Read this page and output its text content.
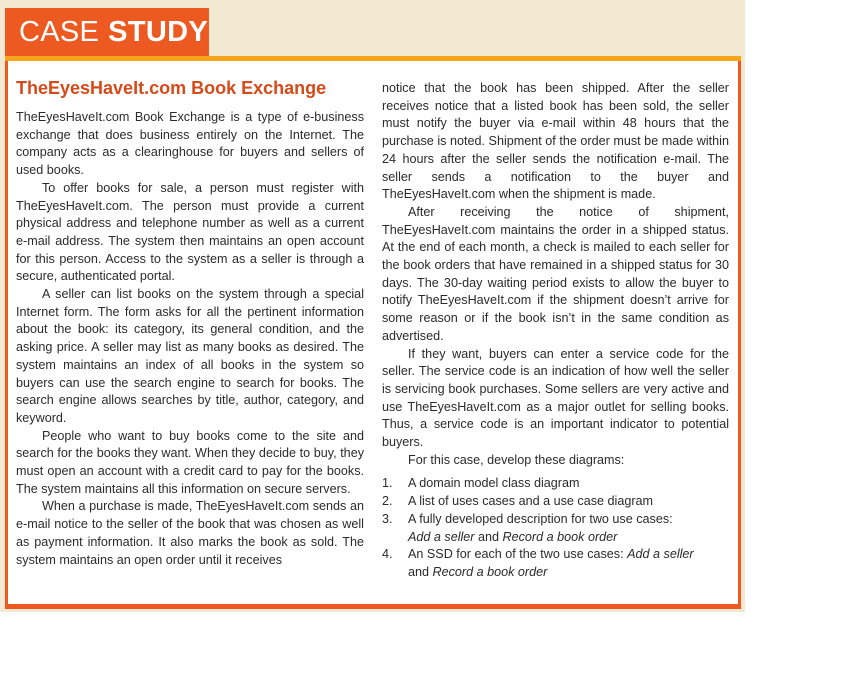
CASE STUDY
TheEyesHaveIt.com Book Exchange

TheEyesHaveIt.com Book Exchange is a type of e-business exchange that does business entirely on the Internet. The company acts as a clearinghouse for buyers and sellers of used books.

To offer books for sale, a person must register with TheEyesHaveIt.com. The person must provide a current physical address and telephone number as well as a current e-mail address. The system then maintains an open account for this person. Access to the system as a seller is through a secure, authenticated portal.

A seller can list books on the system through a special Internet form. The form asks for all the pertinent information about the book: its category, its general condition, and the asking price. A seller may list as many books as desired. The system maintains an index of all books in the system so buyers can use the search engine to search for books. The search engine allows searches by title, author, category, and keyword.

People who want to buy books come to the site and search for the books they want. When they decide to buy, they must open an account with a credit card to pay for the books. The system maintains all this information on secure servers.

When a purchase is made, TheEyesHaveIt.com sends an e-mail notice to the seller of the book that was chosen as well as payment information. It also marks the book as sold. The system maintains an open order until it receives

notice that the book has been shipped. After the seller receives notice that a listed book has been sold, the seller must notify the buyer via e-mail within 48 hours that the purchase is noted. Shipment of the order must be made within 24 hours after the seller sends the notification e-mail. The seller sends a notification to the buyer and TheEyesHaveIt.com when the shipment is made.

After receiving the notice of shipment, TheEyesHaveIt.com maintains the order in a shipped status. At the end of each month, a check is mailed to each seller for the book orders that have remained in a shipped status for 30 days. The 30-day waiting period exists to allow the buyer to notify TheEyesHaveIt.com if the shipment doesn’t arrive for some reason or if the book isn’t in the same condition as advertised.

If they want, buyers can enter a service code for the seller. The service code is an indication of how well the seller is servicing book purchases. Some sellers are very active and use TheEyesHaveIt.com as a major outlet for selling books. Thus, a service code is an important indicator to potential buyers.

For this case, develop these diagrams:

1.	A domain model class diagram
2.	A list of uses cases and a use case diagram
3.	A fully developed description for two use cases:
Add a seller and Record a book order
4.	An SSD for each of the two use cases: Add a seller
and Record a book order
